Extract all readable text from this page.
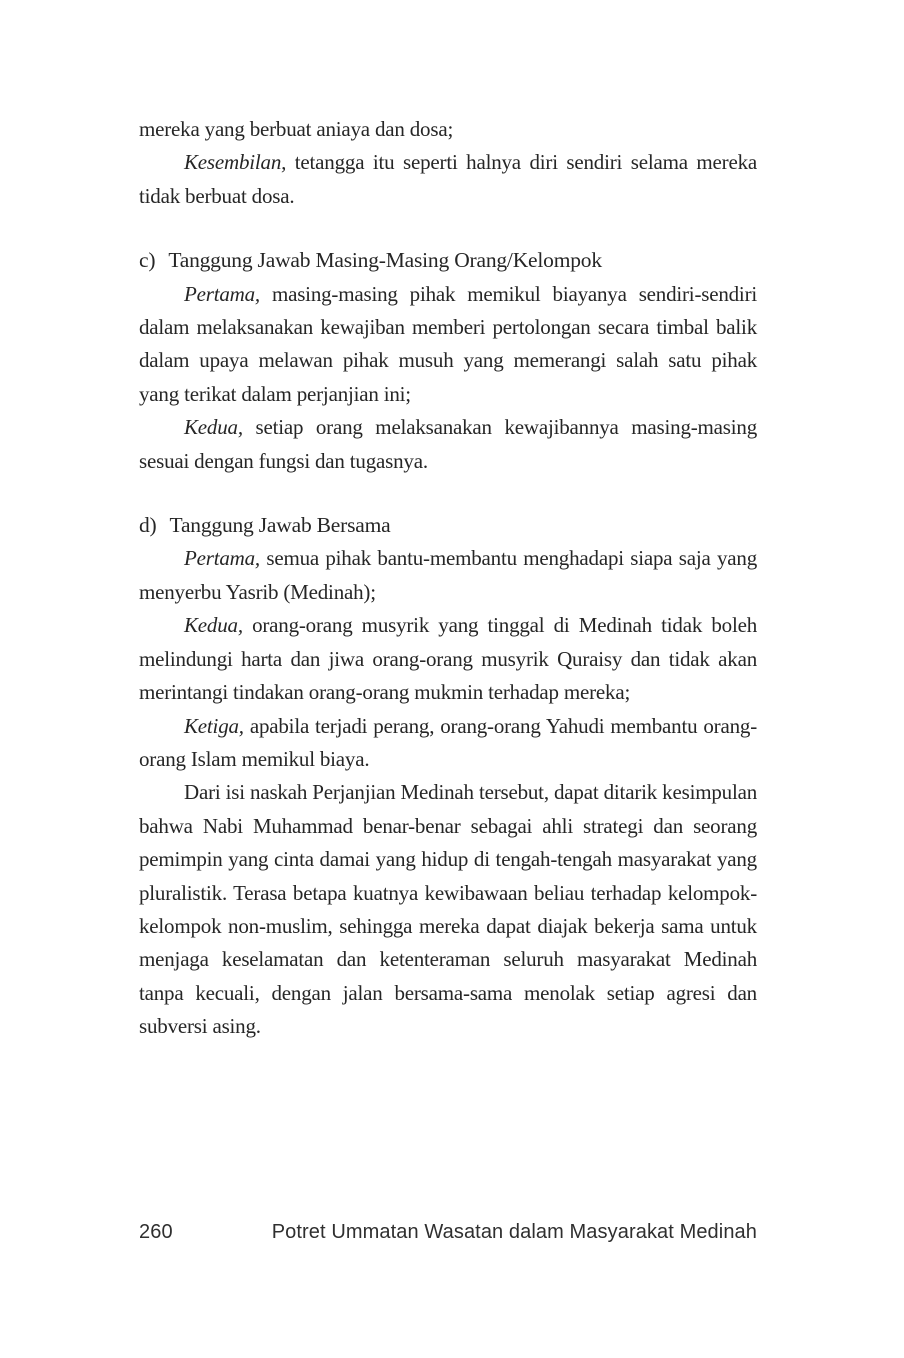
mereka yang berbuat aniaya dan dosa;

Kesembilan, tetangga itu seperti halnya diri sendiri selama mereka tidak berbuat dosa.

c) Tanggung Jawab Masing-Masing Orang/Kelompok

Pertama, masing-masing pihak memikul biayanya sendiri-sendiri dalam melaksanakan kewajiban memberi pertolongan secara timbal balik dalam upaya melawan pihak musuh yang memerangi salah satu pihak yang terikat dalam perjanjian ini;

Kedua, setiap orang melaksanakan kewajibannya masing-masing sesuai dengan fungsi dan tugasnya.

d) Tanggung Jawab Bersama

Pertama, semua pihak bantu-membantu menghadapi siapa saja yang menyerbu Yasrib (Medinah);

Kedua, orang-orang musyrik yang tinggal di Medinah tidak boleh melindungi harta dan jiwa orang-orang musyrik Quraisy dan tidak akan merintangi tindakan orang-orang mukmin terhadap mereka;

Ketiga, apabila terjadi perang, orang-orang Yahudi membantu orang-orang Islam memikul biaya.

Dari isi naskah Perjanjian Medinah tersebut, dapat ditarik kesimpulan bahwa Nabi Muhammad benar-benar sebagai ahli strategi dan seorang pemimpin yang cinta damai yang hidup di tengah-tengah masyarakat yang pluralistik. Terasa betapa kuatnya kewibawaan beliau terhadap kelompok-kelompok non-muslim, sehingga mereka dapat diajak bekerja sama untuk menjaga keselamatan dan ketenteraman seluruh masyarakat Medinah tanpa kecuali, dengan jalan bersama-sama menolak setiap agresi dan subversi asing.

260	Potret Ummatan Wasatan dalam Masyarakat Medinah
